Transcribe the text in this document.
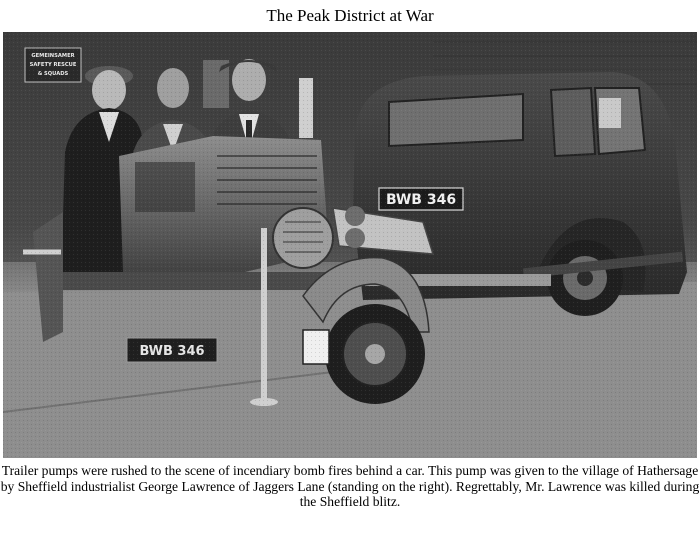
The Peak District at War
Trailer pumps were rushed to the scene of incendiary bomb fires behind a car. This pump was given to the village of Hathersage by Sheffield industrialist George Lawrence of Jaggers Lane (standing on the right). Regrettably, Mr. Lawrence was killed during the Sheffield blitz.
